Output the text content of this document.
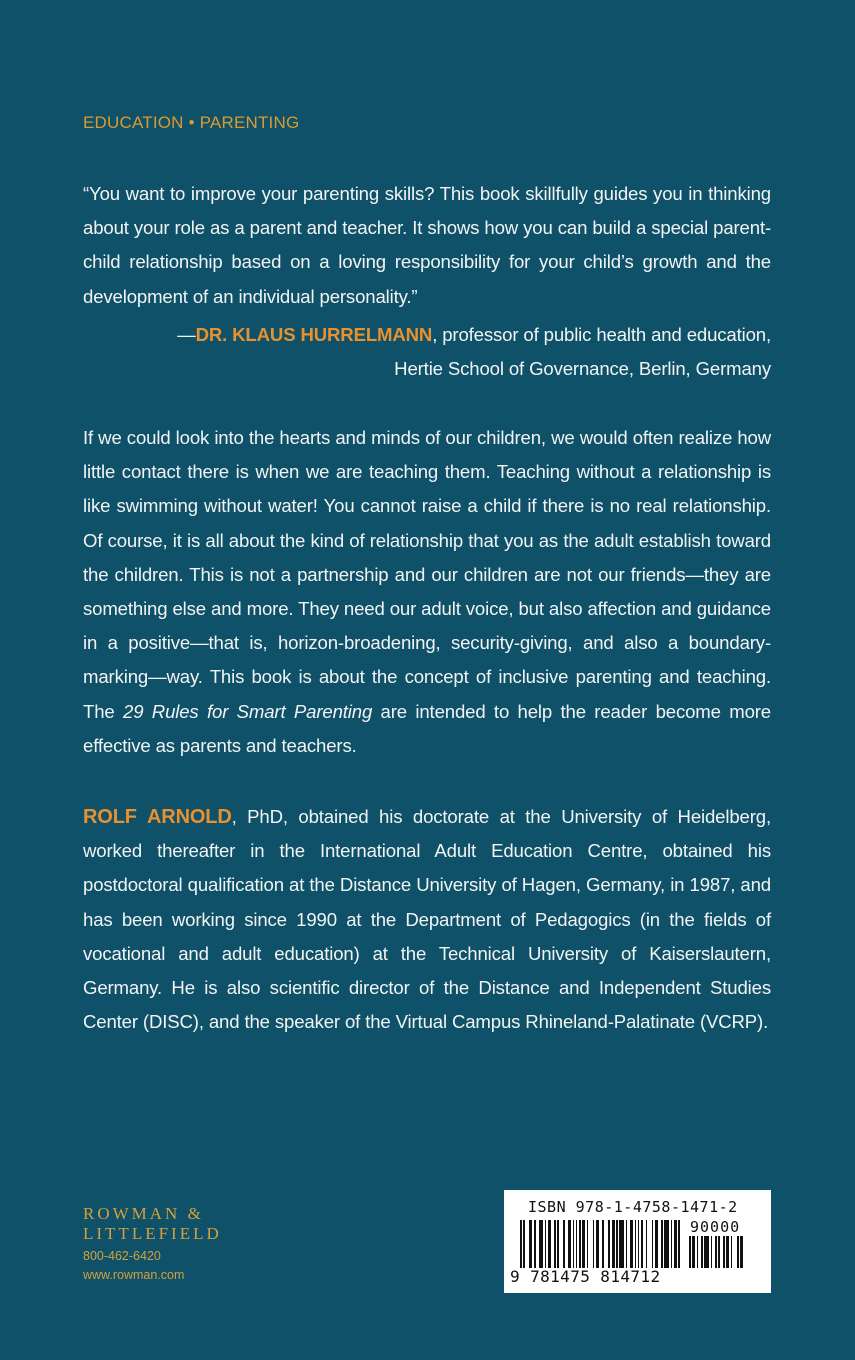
EDUCATION • PARENTING
“You want to improve your parenting skills? This book skillfully guides you in thinking about your role as a parent and teacher. It shows how you can build a special parent-child relationship based on a loving responsibility for your child’s growth and the development of an individual personality.”
—DR. KLAUS HURRELMANN, professor of public health and education,
Hertie School of Governance, Berlin, Germany
If we could look into the hearts and minds of our children, we would often realize how little contact there is when we are teaching them. Teaching without a relationship is like swimming without water! You cannot raise a child if there is no real relationship. Of course, it is all about the kind of relationship that you as the adult establish toward the children. This is not a partnership and our children are not our friends—they are something else and more. They need our adult voice, but also affection and guidance in a positive—that is, horizon-broadening, security-giving, and also a boundary-marking—way. This book is about the concept of inclusive parenting and teaching. The 29 Rules for Smart Parenting are intended to help the reader become more effective as parents and teachers.
ROLF ARNOLD, PhD, obtained his doctorate at the University of Heidelberg, worked thereafter in the International Adult Education Centre, obtained his postdoctoral qualification at the Distance University of Hagen, Germany, in 1987, and has been working since 1990 at the Department of Pedagogics (in the fields of vocational and adult education) at the Technical University of Kaiserslautern, Germany. He is also scientific director of the Distance and Independent Studies Center (DISC), and the speaker of the Virtual Campus Rhineland-Palatinate (VCRP).
ROWMAN &
LITTLEFIELD
800-462-6420
www.rowman.com
ISBN 978-1-4758-1471-2
90000
9 781475 814712
